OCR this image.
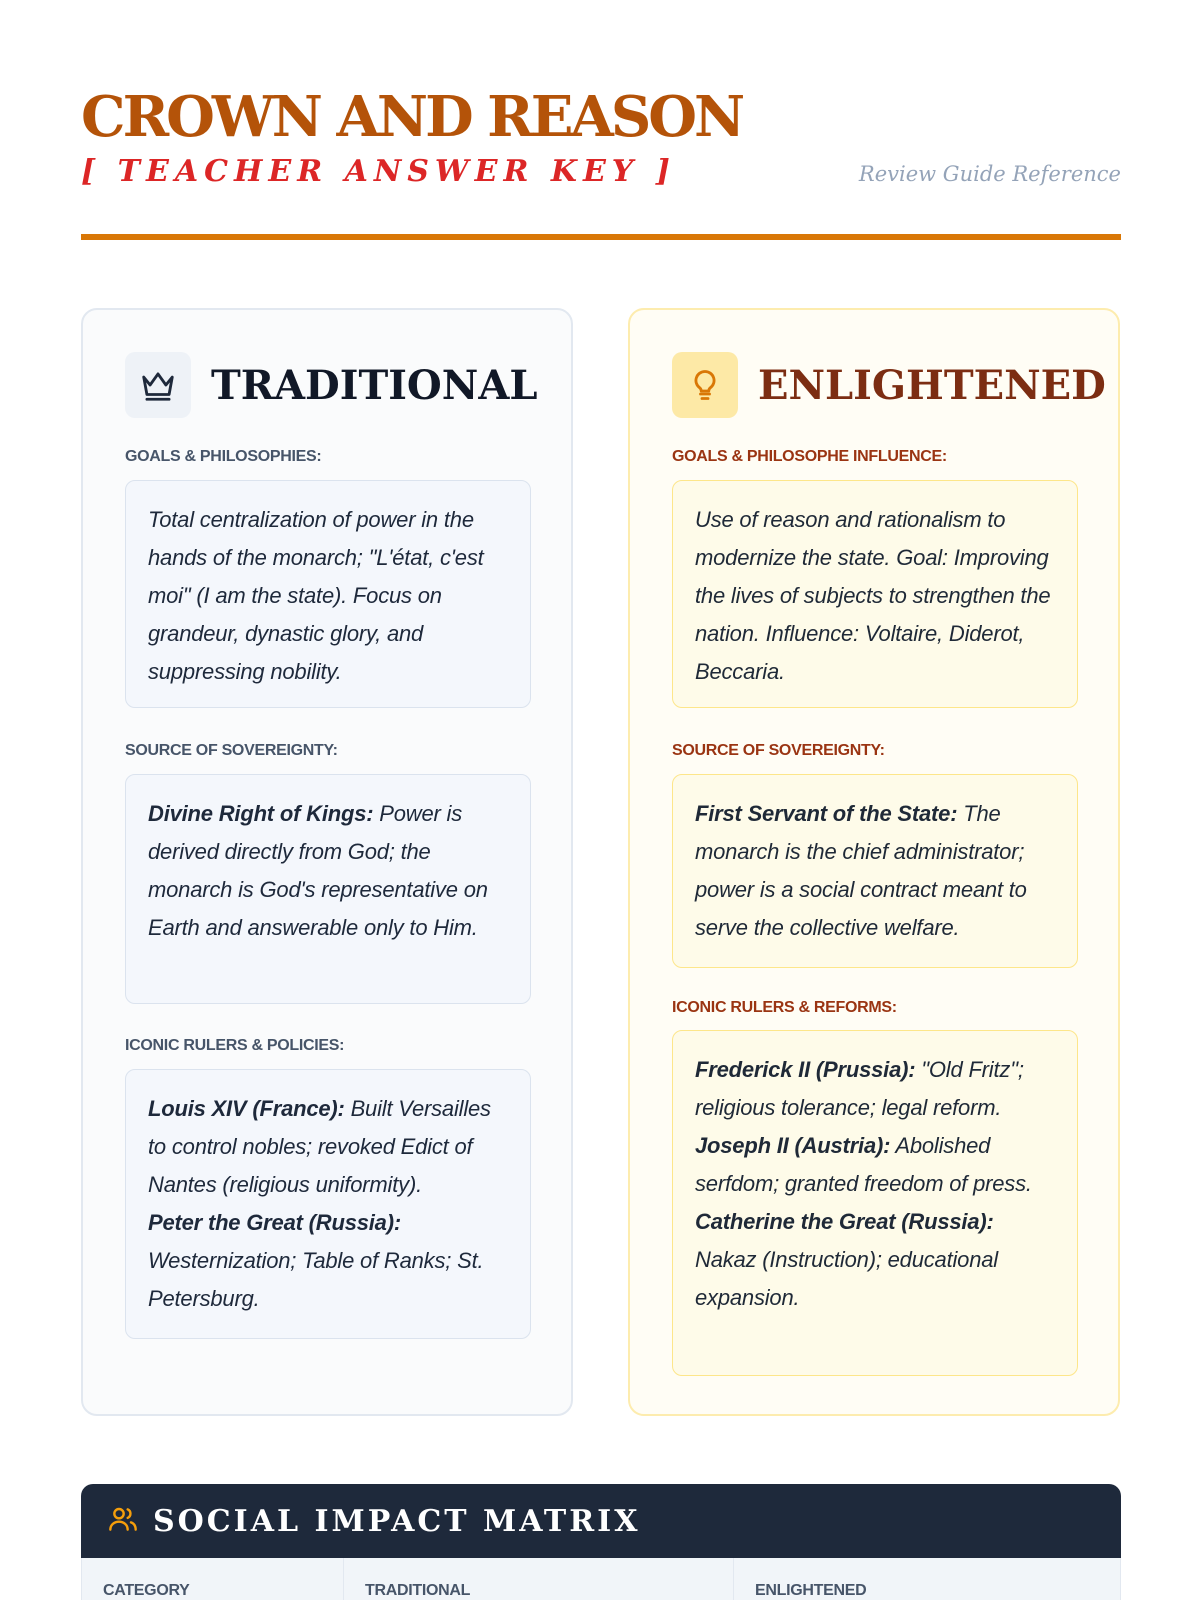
CROWN AND REASON
[ TEACHER ANSWER KEY ]	Review Guide Reference
TRADITIONAL
GOALS & PHILOSOPHIES:
Total centralization of power in the hands of the monarch; "L'état, c'est moi" (I am the state). Focus on grandeur, dynastic glory, and suppressing nobility.
SOURCE OF SOVEREIGNTY:
Divine Right of Kings: Power is derived directly from God; the monarch is God's representative on Earth and answerable only to Him.
ICONIC RULERS & POLICIES:
Louis XIV (France): Built Versailles to control nobles; revoked Edict of Nantes (religious uniformity).
Peter the Great (Russia): Westernization; Table of Ranks; St. Petersburg.
ENLIGHTENED
GOALS & PHILOSOPHE INFLUENCE:
Use of reason and rationalism to modernize the state. Goal: Improving the lives of subjects to strengthen the nation. Influence: Voltaire, Diderot, Beccaria.
SOURCE OF SOVEREIGNTY:
First Servant of the State: The monarch is the chief administrator; power is a social contract meant to serve the collective welfare.
ICONIC RULERS & REFORMS:
Frederick II (Prussia): "Old Fritz"; religious tolerance; legal reform.
Joseph II (Austria): Abolished serfdom; granted freedom of press.
Catherine the Great (Russia): Nakaz (Instruction); educational expansion.
SOCIAL IMPACT MATRIX
CATEGORY	TRADITIONAL	ENLIGHTENED
